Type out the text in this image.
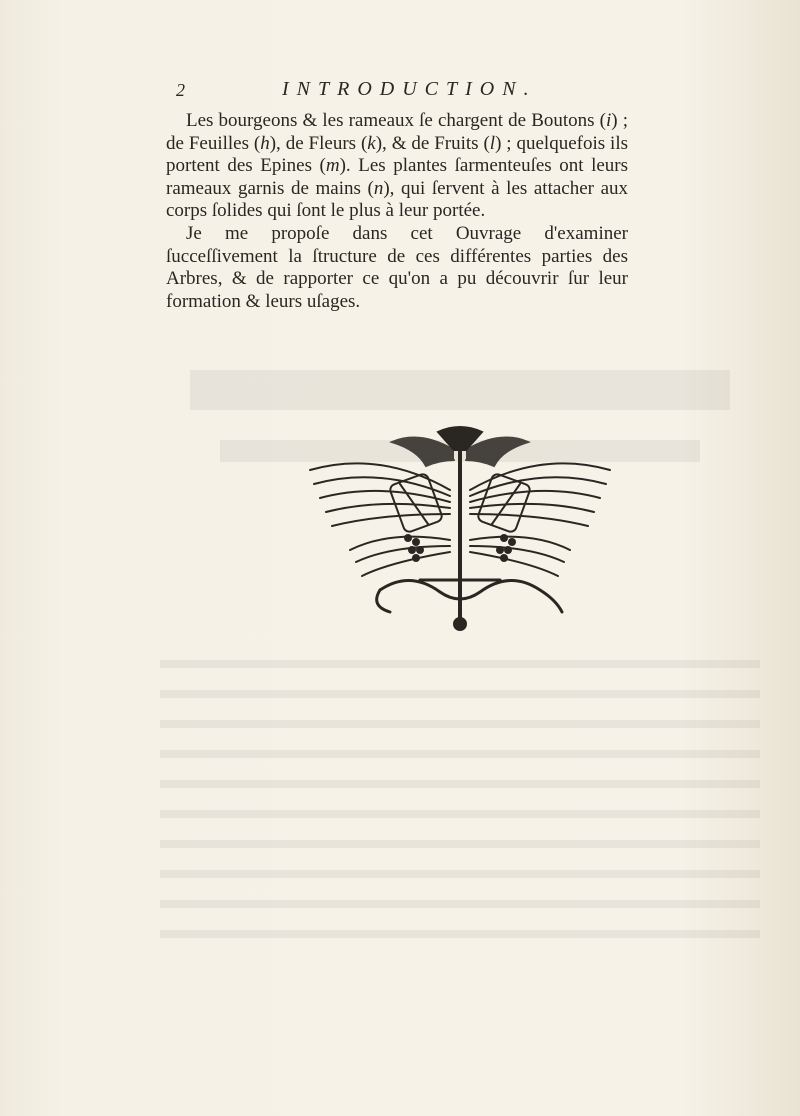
2	INTRODUCTION.

Les bourgeons & les rameaux ſe chargent de Boutons (i) ; de Feuilles (h), de Fleurs (k), & de Fruits (l) ; quelquefois ils portent des Epines (m). Les plantes ſarmenteuſes ont leurs rameaux garnis de mains (n), qui ſervent à les attacher aux corps ſolides qui ſont le plus à leur portée.

Je me propoſe dans cet Ouvrage d'examiner ſucceſſivement la ſtructure de ces différentes parties des Arbres, & de rapporter ce qu'on a pu découvrir ſur leur formation & leurs uſages.
